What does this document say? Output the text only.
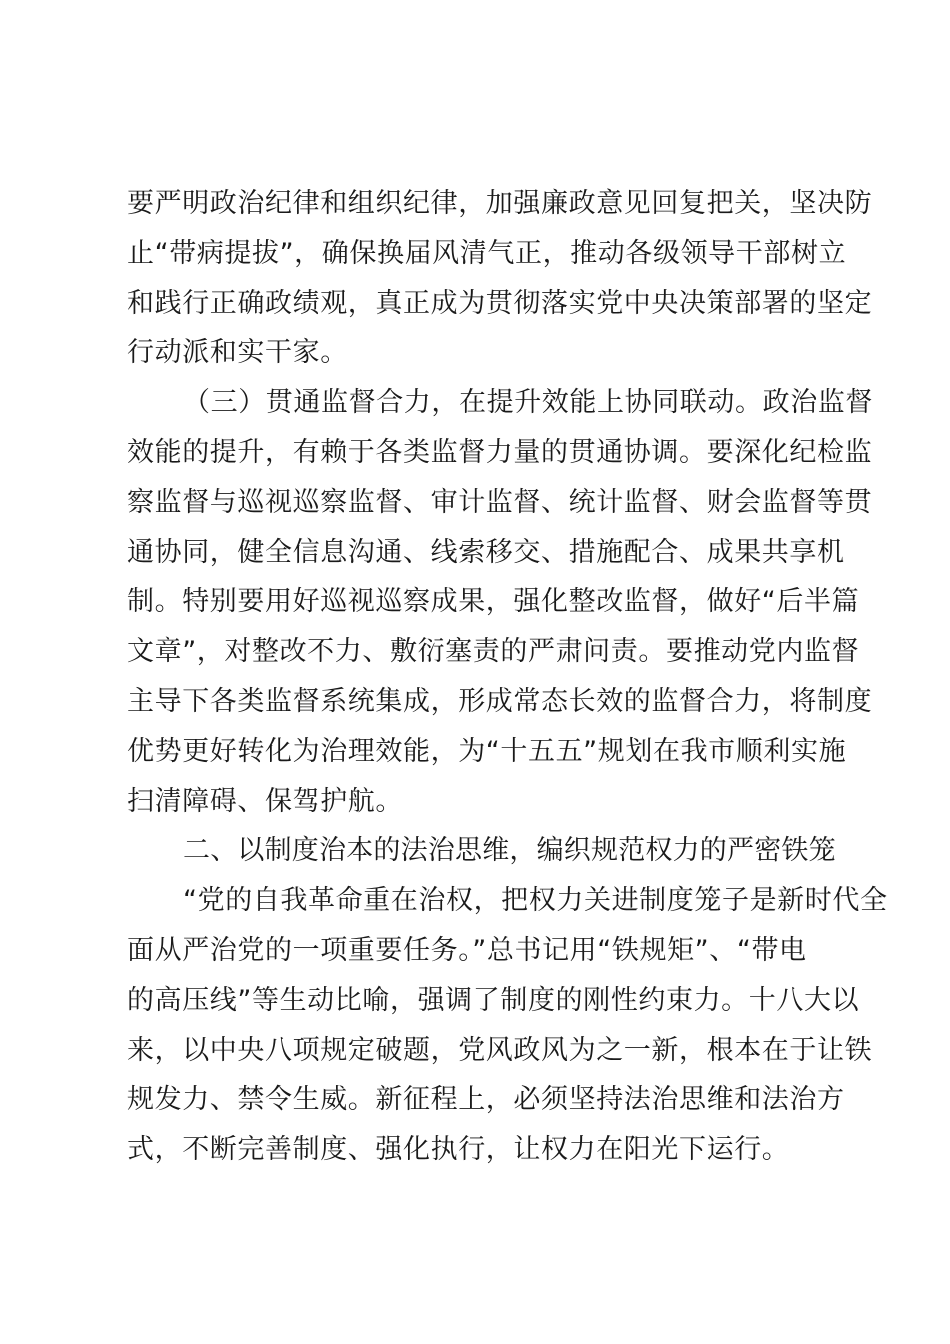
要严明政治纪律和组织纪律，加强廉政意见回复把关，坚决防
止“带病提拔”，确保换届风清气正，推动各级领导干部树立
和践行正确政绩观，真正成为贯彻落实党中央决策部署的坚定
行动派和实干家。
（三）贯通监督合力，在提升效能上协同联动。政治监督
效能的提升，有赖于各类监督力量的贯通协调。要深化纪检监
察监督与巡视巡察监督、审计监督、统计监督、财会监督等贯
通协同，健全信息沟通、线索移交、措施配合、成果共享机
制。特别要用好巡视巡察成果，强化整改监督，做好“后半篇
文章”，对整改不力、敷衍塞责的严肃问责。要推动党内监督
主导下各类监督系统集成，形成常态长效的监督合力，将制度
优势更好转化为治理效能，为“十五五”规划在我市顺利实施
扫清障碍、保驾护航。
二、以制度治本的法治思维，编织规范权力的严密铁笼
“党的自我革命重在治权，把权力关进制度笼子是新时代全
面从严治党的一项重要任务。”总书记用“铁规矩”、“带电
的高压线”等生动比喻，强调了制度的刚性约束力。十八大以
来，以中央八项规定破题，党风政风为之一新，根本在于让铁
规发力、禁令生威。新征程上，必须坚持法治思维和法治方
式，不断完善制度、强化执行，让权力在阳光下运行。
